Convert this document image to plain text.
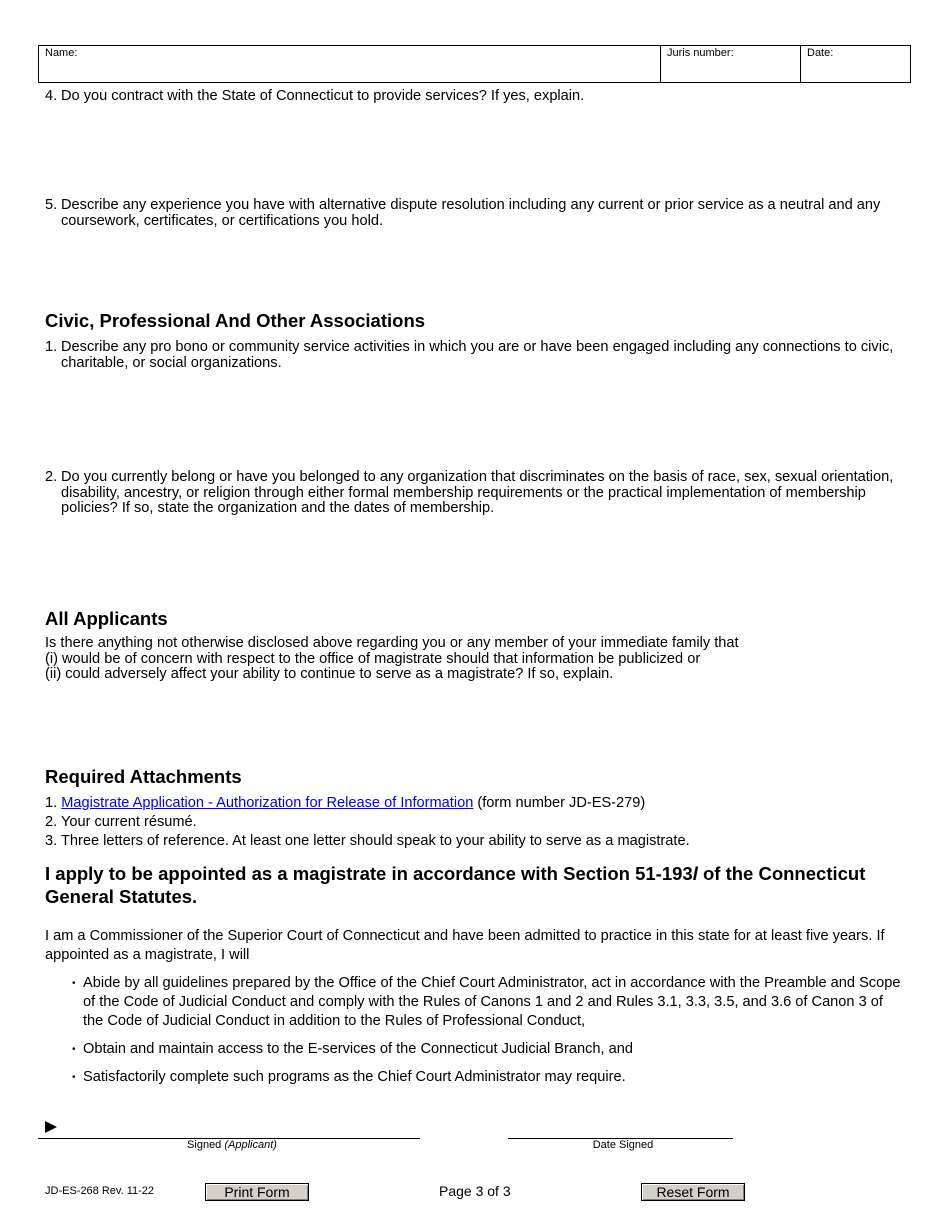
Name:	Juris number:	Date:
4. Do you contract with the State of Connecticut to provide services? If yes, explain.
5. Describe any experience you have with alternative dispute resolution including any current or prior service as a neutral and any coursework, certificates, or certifications you hold.
Civic, Professional And Other Associations
1. Describe any pro bono or community service activities in which you are or have been engaged including any connections to civic, charitable, or social organizations.
2. Do you currently belong or have you belonged to any organization that discriminates on the basis of race, sex, sexual orientation, disability, ancestry, or religion through either formal membership requirements or the practical implementation of membership policies? If so, state the organization and the dates of membership.
All Applicants
Is there anything not otherwise disclosed above regarding you or any member of your immediate family that
(i) would be of concern with respect to the office of magistrate should that information be publicized or
(ii) could adversely affect your ability to continue to serve as a magistrate? If so, explain.
Required Attachments
1. Magistrate Application - Authorization for Release of Information (form number JD-ES-279)
2. Your current résumé.
3. Three letters of reference. At least one letter should speak to your ability to serve as a magistrate.
I apply to be appointed as a magistrate in accordance with Section 51-193l of the Connecticut General Statutes.
I am a Commissioner of the Superior Court of Connecticut and have been admitted to practice in this state for at least five years. If appointed as a magistrate, I will
• Abide by all guidelines prepared by the Office of the Chief Court Administrator, act in accordance with the Preamble and Scope of the Code of Judicial Conduct and comply with the Rules of Canons 1 and 2 and Rules 3.1, 3.3, 3.5, and 3.6 of Canon 3 of the Code of Judicial Conduct in addition to the Rules of Professional Conduct,
• Obtain and maintain access to the E-services of the Connecticut Judicial Branch, and
• Satisfactorily complete such programs as the Chief Court Administrator may require.
Signed (Applicant)	Date Signed
JD-ES-268 Rev. 11-22	Print Form	Page 3 of 3	Reset Form
